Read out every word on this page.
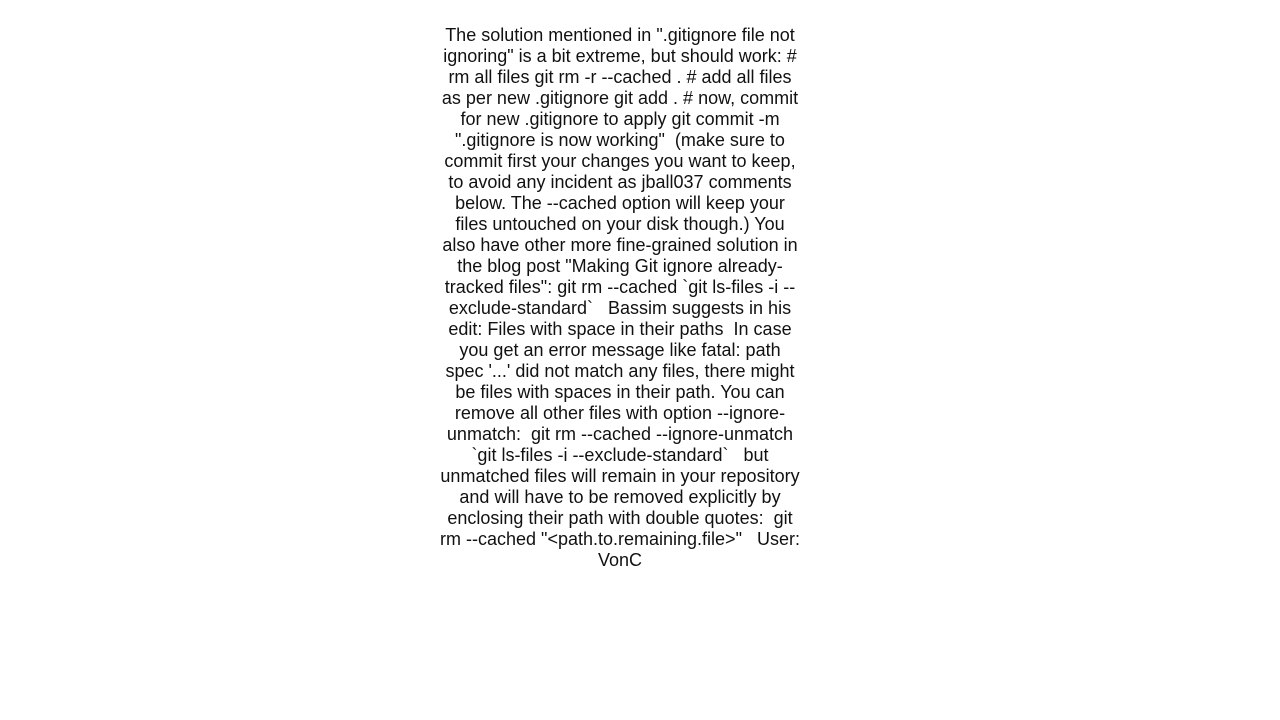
The solution mentioned in ".gitignore file not ignoring" is a bit extreme, but should work: # rm all files git rm -r --cached . # add all files as per new .gitignore git add . # now, commit for new .gitignore to apply git commit -m ".gitignore is now working"  (make sure to commit first your changes you want to keep, to avoid any incident as jball037 comments below. The --cached option will keep your files untouched on your disk though.) You also have other more fine-grained solution in the blog post "Making Git ignore already-tracked files": git rm --cached `git ls-files -i --exclude-standard`   Bassim suggests in his edit: Files with space in their paths  In case you get an error message like fatal: path spec '...' did not match any files, there might be files with spaces in their path. You can remove all other files with option --ignore-unmatch:  git rm --cached --ignore-unmatch `git ls-files -i --exclude-standard`   but unmatched files will remain in your repository and will have to be removed explicitly by enclosing their path with double quotes:  git rm --cached "<path.to.remaining.file>"   User: VonC
